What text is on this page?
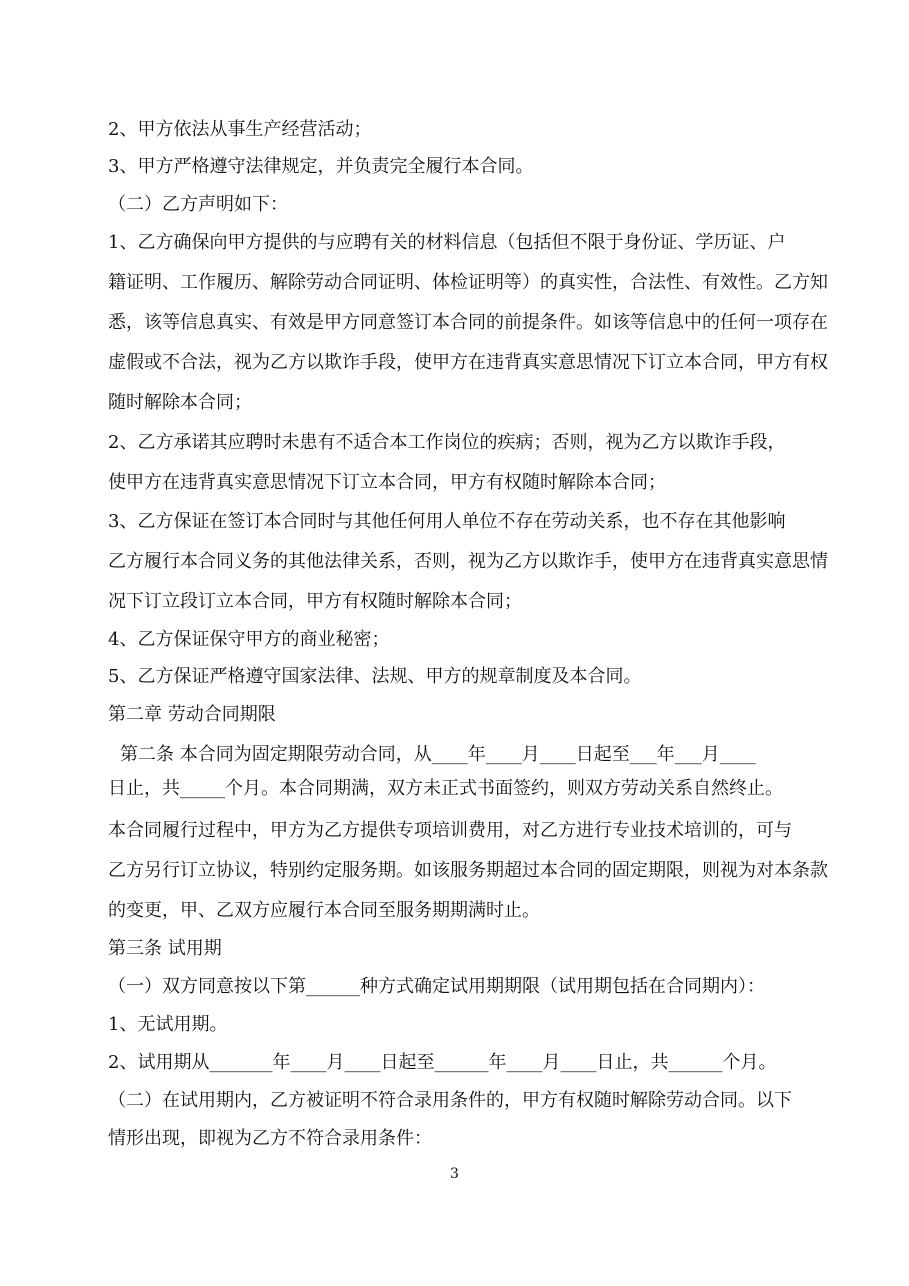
2、甲方依法从事生产经营活动；
3、甲方严格遵守法律规定，并负责完全履行本合同。
（二）乙方声明如下：
1、乙方确保向甲方提供的与应聘有关的材料信息（包括但不限于身份证、学历证、户
籍证明、工作履历、解除劳动合同证明、体检证明等）的真实性，合法性、有效性。乙方知
悉，该等信息真实、有效是甲方同意签订本合同的前提条件。如该等信息中的任何一项存在
虚假或不合法，视为乙方以欺诈手段，使甲方在违背真实意思情况下订立本合同，甲方有权
随时解除本合同；
2、乙方承诺其应聘时未患有不适合本工作岗位的疾病；否则，视为乙方以欺诈手段，
使甲方在违背真实意思情况下订立本合同，甲方有权随时解除本合同；
3、乙方保证在签订本合同时与其他任何用人单位不存在劳动关系，也不存在其他影响
乙方履行本合同义务的其他法律关系，否则，视为乙方以欺诈手，使甲方在违背真实意思情
况下订立段订立本合同，甲方有权随时解除本合同；
4、乙方保证保守甲方的商业秘密；
5、乙方保证严格遵守国家法律、法规、甲方的规章制度及本合同。
第二章 劳动合同期限
第二条 本合同为固定期限劳动合同，从____年____月____日起至___年___月____
日止，共_____个月。本合同期满，双方未正式书面签约，则双方劳动关系自然终止。
本合同履行过程中，甲方为乙方提供专项培训费用，对乙方进行专业技术培训的，可与
乙方另行订立协议，特别约定服务期。如该服务期超过本合同的固定期限，则视为对本条款
的变更，甲、乙双方应履行本合同至服务期期满时止。
第三条 试用期
（一）双方同意按以下第______种方式确定试用期期限（试用期包括在合同期内）：
1、无试用期。
2、试用期从_______年____月____日起至______年____月____日止，共______个月。
（二）在试用期内，乙方被证明不符合录用条件的，甲方有权随时解除劳动合同。以下
情形出现，即视为乙方不符合录用条件：
3
